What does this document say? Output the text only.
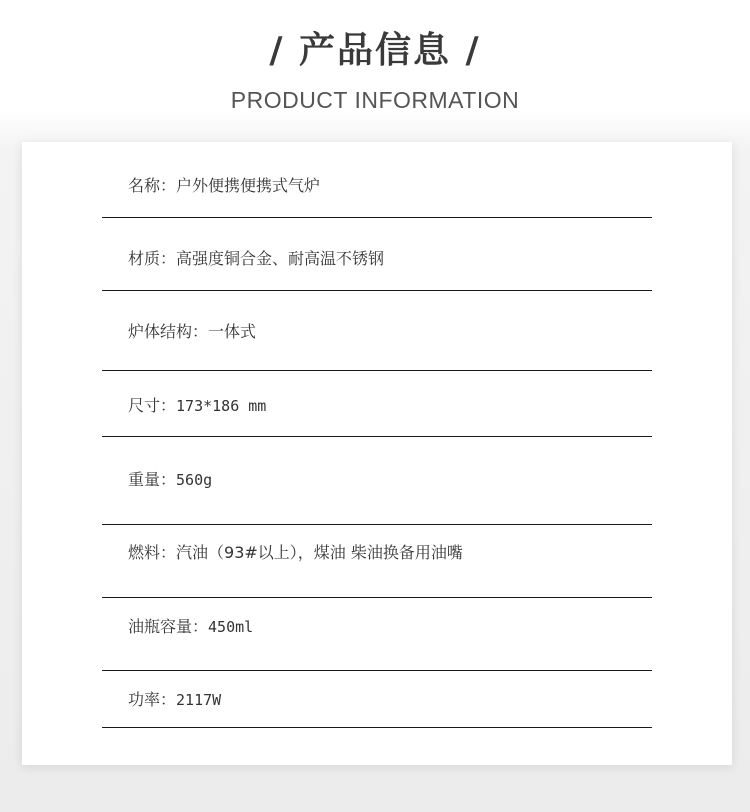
/ 产品信息 /
PRODUCT INFORMATION
名称：户外便携便携式气炉
材质：高强度铜合金、耐高温不锈钢
炉体结构：一体式
尺寸：173*186 mm
重量：560g
燃料：汽油（93#以上），煤油 柴油换备用油嘴
油瓶容量：450ml
功率：2117W
